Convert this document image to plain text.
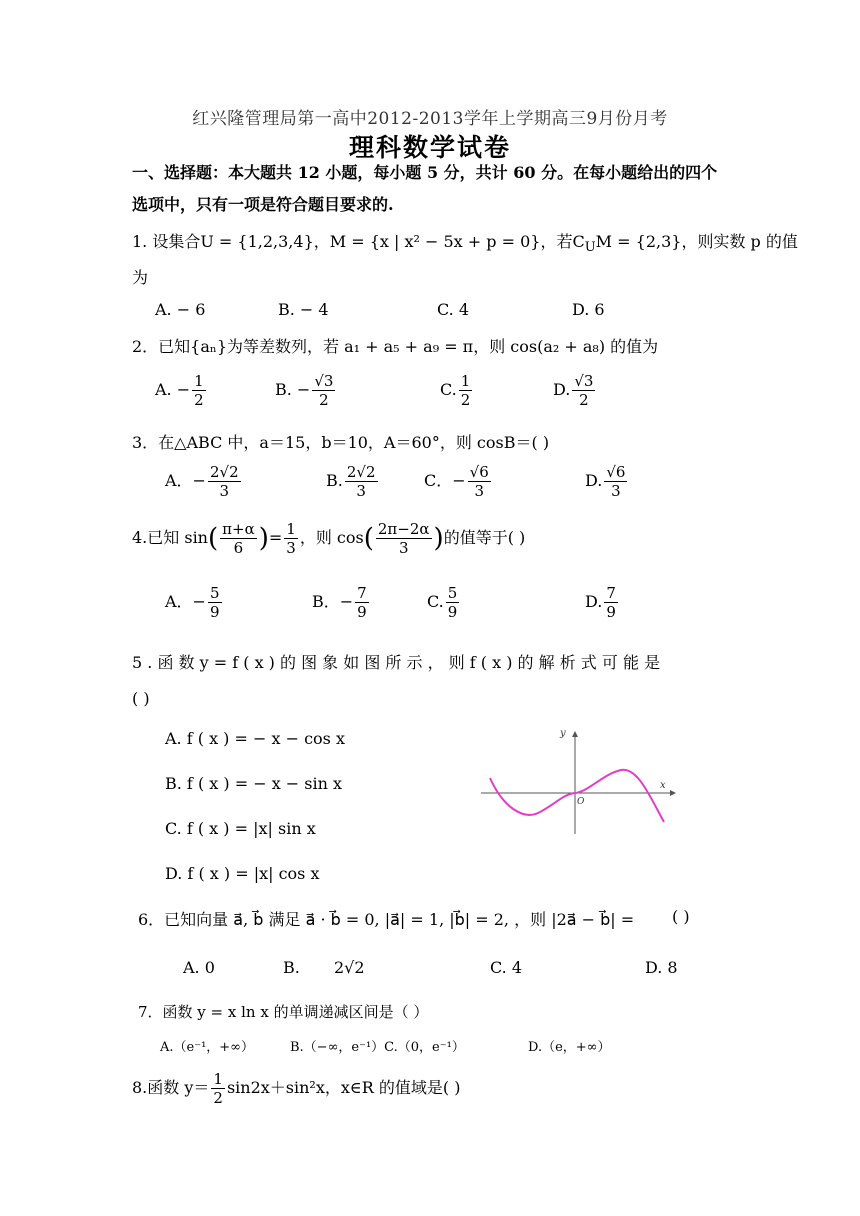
红兴隆管理局第一高中2012-2013学年上学期高三9月份月考
理科数学试卷
一、选择题：本大题共 12 小题，每小题 5 分，共计 60 分。在每小题给出的四个
选项中，只有一项是符合题目要求的.
1. 设集合U = {1,2,3,4}，M = {x | x² − 5x + p = 0}，若$C_UM = \{2,3\}$，则实数 p 的值
为
A. − 6	B. − 4	C. 4	D. 6
2．已知{aₙ}为等差数列，若 a₁ + a₅ + a₉ = π，则 cos(a₂ + a₈) 的值为
A. − $\frac{1}{2}$	B. − $\frac{√3}{2}$	C. $\frac{1}{2}$	D. $\frac{√3}{2}$
3．在△ABC 中，a＝15，b＝10，A＝60°，则 cosB＝( )
A．− $\frac{2√2}{3}$	B. $\frac{2√2}{3}$	C．− $\frac{√6}{3}$	D. $\frac{√6}{3}$
4.已知 $\sin( \frac{\pi+\alpha}{6}$ )= $\frac{1}{3}$ ，则 $\cos( \frac{2\pi-2\alpha}{3}$ )的值等于( )
A．− $\frac{5}{9}$	B．− $\frac{7}{9}$	C. $\frac{5}{9}$	D. $\frac{7}{9}$
5 . 函 数 y = f ( x ) 的 图 象 如 图 所 示 ， 则 f ( x ) 的 解 析 式 可 能 是
( )
A. f ( x ) = − x − cos x
B. f ( x ) = − x − sin x
C. f ( x ) = |x| sin x
D. f ( x ) = |x| cos x
y
x
O
6．已知向量 a⃗, b⃗ 满足 a⃗ · b⃗ = 0, |a⃗| = 1, |b⃗| = 2, ，则 |2a⃗ − b⃗| = ( )
A. 0	B. 2√2	C. 4	D. 8
7．函数 y = x ln x 的单调递减区间是（ ）
A.（e⁻¹，+∞）	B.（−∞，e⁻¹）C.（0，e⁻¹）	D.（e，+∞）
8.函数 $y= \frac{1}{2} \sin 2x+\sin^2x$，x∈R 的值域是( )
